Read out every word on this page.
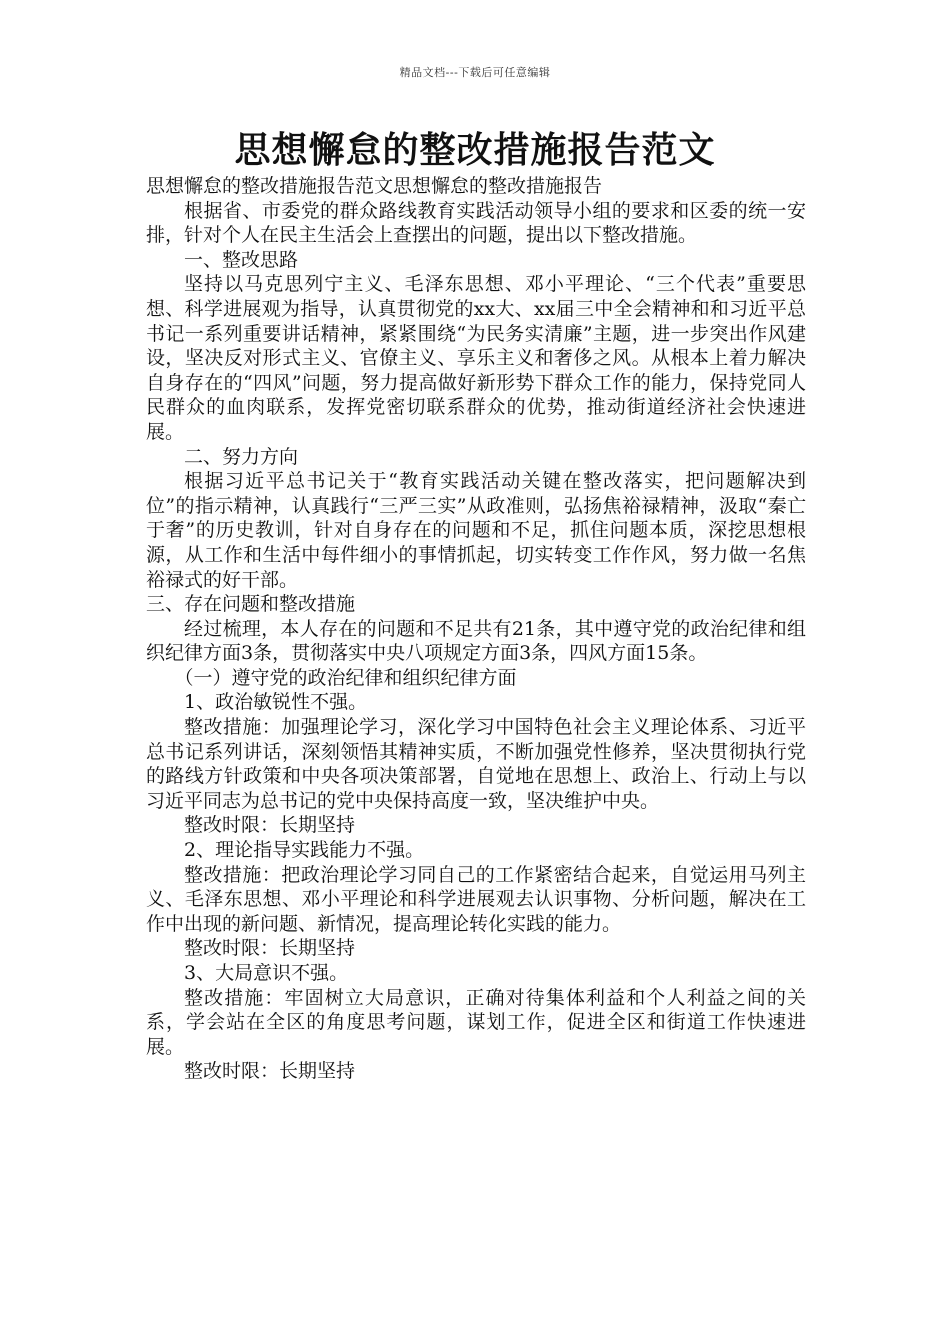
精品文档---下载后可任意编辑
思想懈怠的整改措施报告范文

思想懈怠的整改措施报告范文思想懈怠的整改措施报告

根据省、市委党的群众路线教育实践活动领导小组的要求和区委的统一安排，针对个人在民主生活会上查摆出的问题，提出以下整改措施。

一、整改思路

坚持以马克思列宁主义、毛泽东思想、邓小平理论、“三个代表”重要思想、科学进展观为指导，认真贯彻党的xx大、xx届三中全会精神和和习近平总书记一系列重要讲话精神，紧紧围绕“为民务实清廉”主题，进一步突出作风建设，坚决反对形式主义、官僚主义、享乐主义和奢侈之风。从根本上着力解决自身存在的“四风”问题，努力提高做好新形势下群众工作的能力，保持党同人民群众的血肉联系，发挥党密切联系群众的优势，推动街道经济社会快速进展。

二、努力方向

根据习近平总书记关于“教育实践活动关键在整改落实，把问题解决到位”的指示精神，认真践行“三严三实”从政准则，弘扬焦裕禄精神，汲取“秦亡于奢”的历史教训，针对自身存在的问题和不足，抓住问题本质，深挖思想根源，从工作和生活中每件细小的事情抓起，切实转变工作作风，努力做一名焦裕禄式的好干部。

三、存在问题和整改措施

经过梳理，本人存在的问题和不足共有21条，其中遵守党的政治纪律和组织纪律方面3条，贯彻落实中央八项规定方面3条，四风方面15条。

（一）遵守党的政治纪律和组织纪律方面

1、政治敏锐性不强。

整改措施：加强理论学习，深化学习中国特色社会主义理论体系、习近平总书记系列讲话，深刻领悟其精神实质，不断加强党性修养，坚决贯彻执行党的路线方针政策和中央各项决策部署，自觉地在思想上、政治上、行动上与以习近平同志为总书记的党中央保持高度一致，坚决维护中央。

整改时限：长期坚持

2、理论指导实践能力不强。

整改措施：把政治理论学习同自己的工作紧密结合起来，自觉运用马列主义、毛泽东思想、邓小平理论和科学进展观去认识事物、分析问题，解决在工作中出现的新问题、新情况，提高理论转化实践的能力。

整改时限：长期坚持

3、大局意识不强。

整改措施：牢固树立大局意识，正确对待集体利益和个人利益之间的关系，学会站在全区的角度思考问题，谋划工作，促进全区和街道工作快速进展。

整改时限：长期坚持
